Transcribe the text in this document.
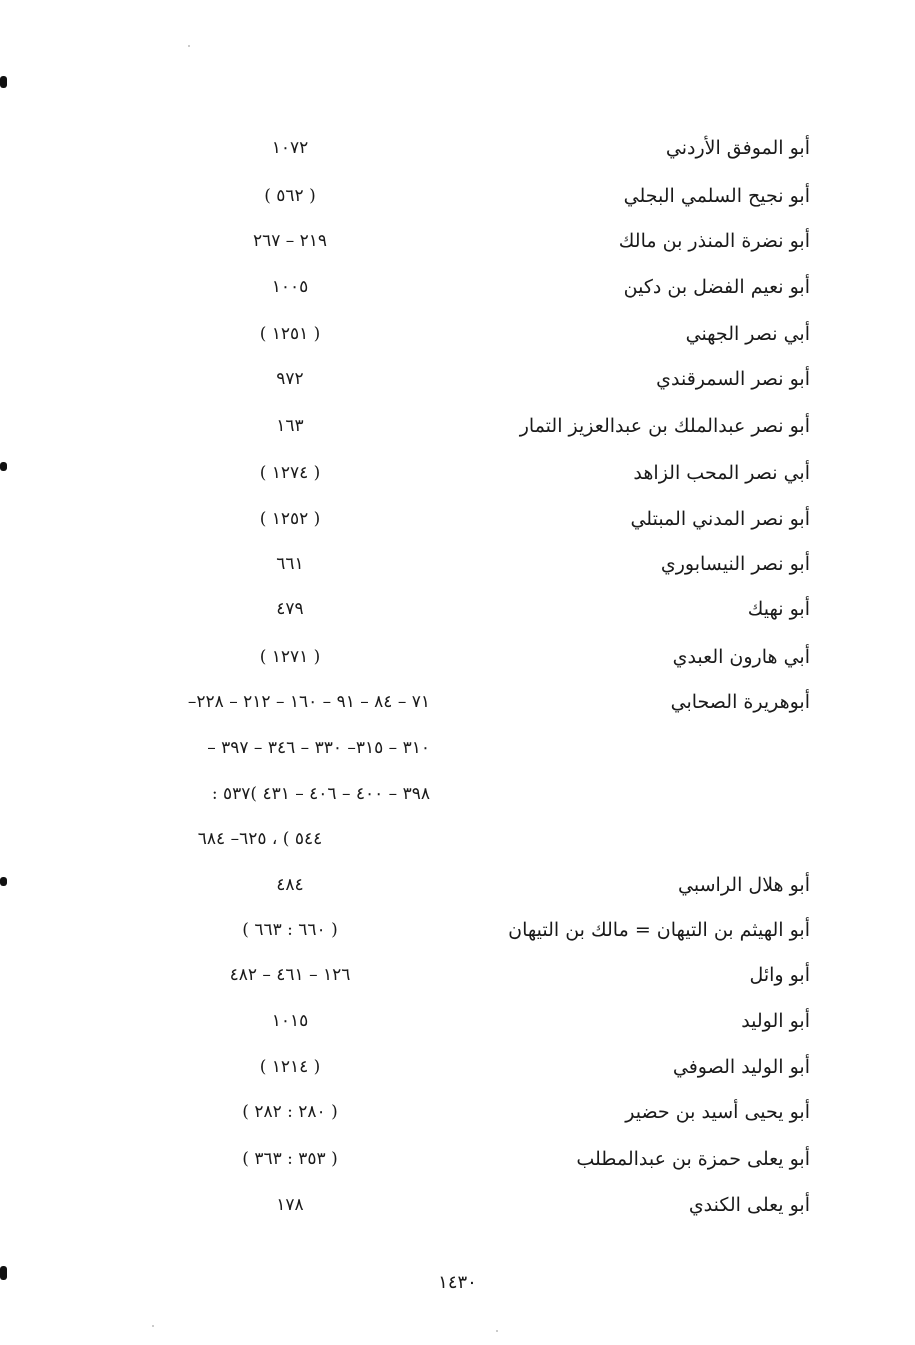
أبو الموفق الأردني
١٠٧٢
أبو نجيح السلمي البجلي
( ٥٦٢ )
أبو نضرة المنذر بن مالك
٢١٩ – ٢٦٧
أبو نعيم الفضل بن دكين
١٠٠٥
أبي نصر الجهني
( ١٢٥١ )
أبو نصر السمرقندي
٩٧٢
أبو نصر عبدالملك بن عبدالعزيز التمار
١٦٣
أبي نصر المحب الزاهد
( ١٢٧٤ )
أبو نصر المدني المبتلي
( ١٢٥٢ )
أبو نصر النيسابوري
٦٦١
أبو نهيك
٤٧٩
أبي هارون العبدي
( ١٢٧١ )
أبوهريرة الصحابي
٧١ – ٨٤ – ٩١ – ١٦٠ – ٢١٢ – ٢٢٨–
٣١٠ – ٣١٥– ٣٣٠ – ٣٤٦ – ٣٩٧ –
٣٩٨ – ٤٠٠ – ٤٠٦ – ٤٣١ )٥٣٧ :
٥٤٤ ) ، ٦٢٥– ٦٨٤
أبو هلال الراسبي
٤٨٤
أبو الهيثم بن التيهان = مالك بن التيهان
( ٦٦٠ : ٦٦٣ )
أبو وائل
١٢٦ – ٤٦١ – ٤٨٢
أبو الوليد
١٠١٥
أبو الوليد الصوفي
( ١٢١٤ )
أبو يحيى أسيد بن حضير
( ٢٨٠ : ٢٨٢ )
أبو يعلى حمزة بن عبدالمطلب
( ٣٥٣ : ٣٦٣ )
أبو يعلى الكندي
١٧٨
١٤٣٠
